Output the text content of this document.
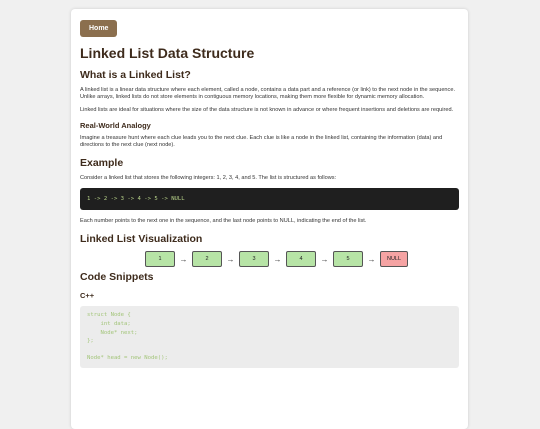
Home
Linked List Data Structure
What is a Linked List?

A linked list is a linear data structure where each element, called a node, contains a data part and a reference (or link) to the next node in the sequence. Unlike arrays, linked lists do not store elements in contiguous memory locations, making them more flexible for dynamic memory allocation.

Linked lists are ideal for situations where the size of the data structure is not known in advance or where frequent insertions and deletions are required.

Real-World Analogy

Imagine a treasure hunt where each clue leads you to the next clue. Each clue is like a node in the linked list, containing the information (data) and directions to the next clue (next node).

Example

Consider a linked list that stores the following integers: 1, 2, 3, 4, and 5. The list is structured as follows:

1 -> 2 -> 3 -> 4 -> 5 -> NULL

Each number points to the next one in the sequence, and the last node points to NULL, indicating the end of the list.

Linked List Visualization
1	→	2	→	3	→	4	→	5	→	NULL
Code Snippets
C++
struct Node {
int data;
Node* next;
};

Node* head = new Node();
